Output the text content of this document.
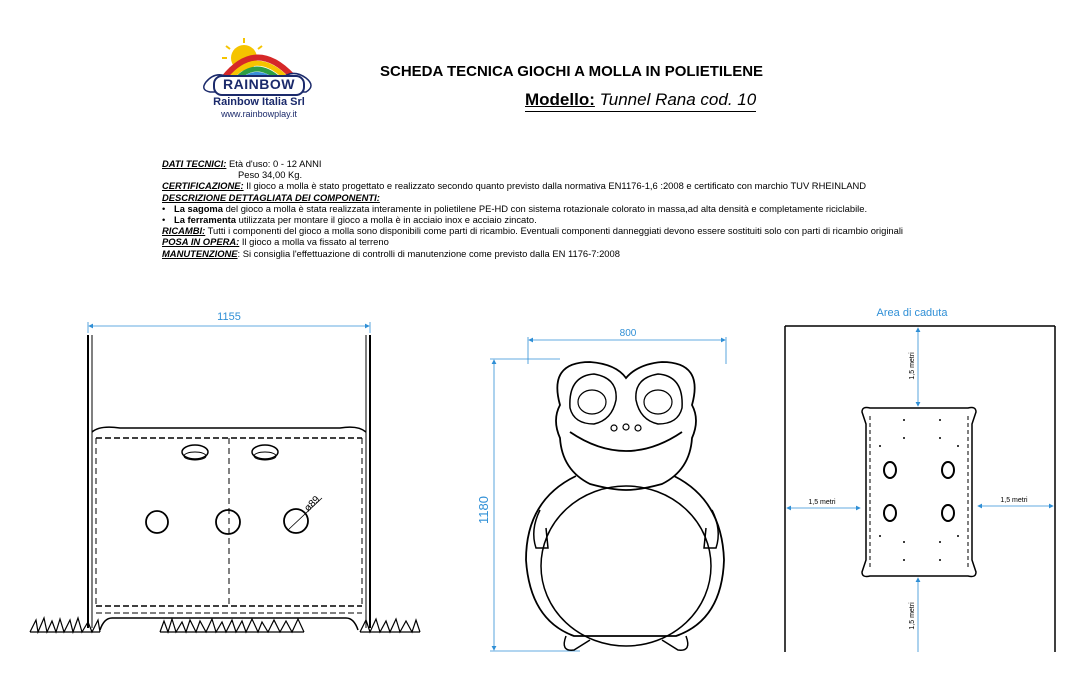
RAINBOW
Rainbow Italia Srl
www.rainbowplay.it
SCHEDA TECNICA GIOCHI A MOLLA IN POLIETILENE
Modello: Tunnel Rana cod. 10
DATI TECNICI: Età d'uso: 0 - 12 ANNI
Peso 34,00 Kg.
CERTIFICAZIONE: Il gioco a molla è stato progettato e realizzato secondo quanto previsto dalla normativa EN1176-1,6 :2008 e certificato con marchio TUV RHEINLAND
DESCRIZIONE DETTAGLIATA DEI COMPONENTI:
• La sagoma del gioco a molla è stata realizzata interamente in polietilene PE-HD con sistema rotazionale colorato in massa,ad alta densità e completamente riciclabile.
• La ferramenta utilizzata per montare il gioco a molla è in acciaio inox e acciaio zincato.
RICAMBI: Tutti i componenti del gioco a molla sono disponibili come parti di ricambio. Eventuali componenti danneggiati devono essere sostituiti solo con parti di ricambio originali
POSA IN OPERA: Il gioco a molla va fissato al terreno
MANUTENZIONE: Si consiglia l'effettuazione di controlli di manutenzione come previsto dalla EN 1176-7:2008
1155
ø89
800
1180
Area di caduta
1,5 metri
1,5 metri	1,5 metri
1,5 metri
